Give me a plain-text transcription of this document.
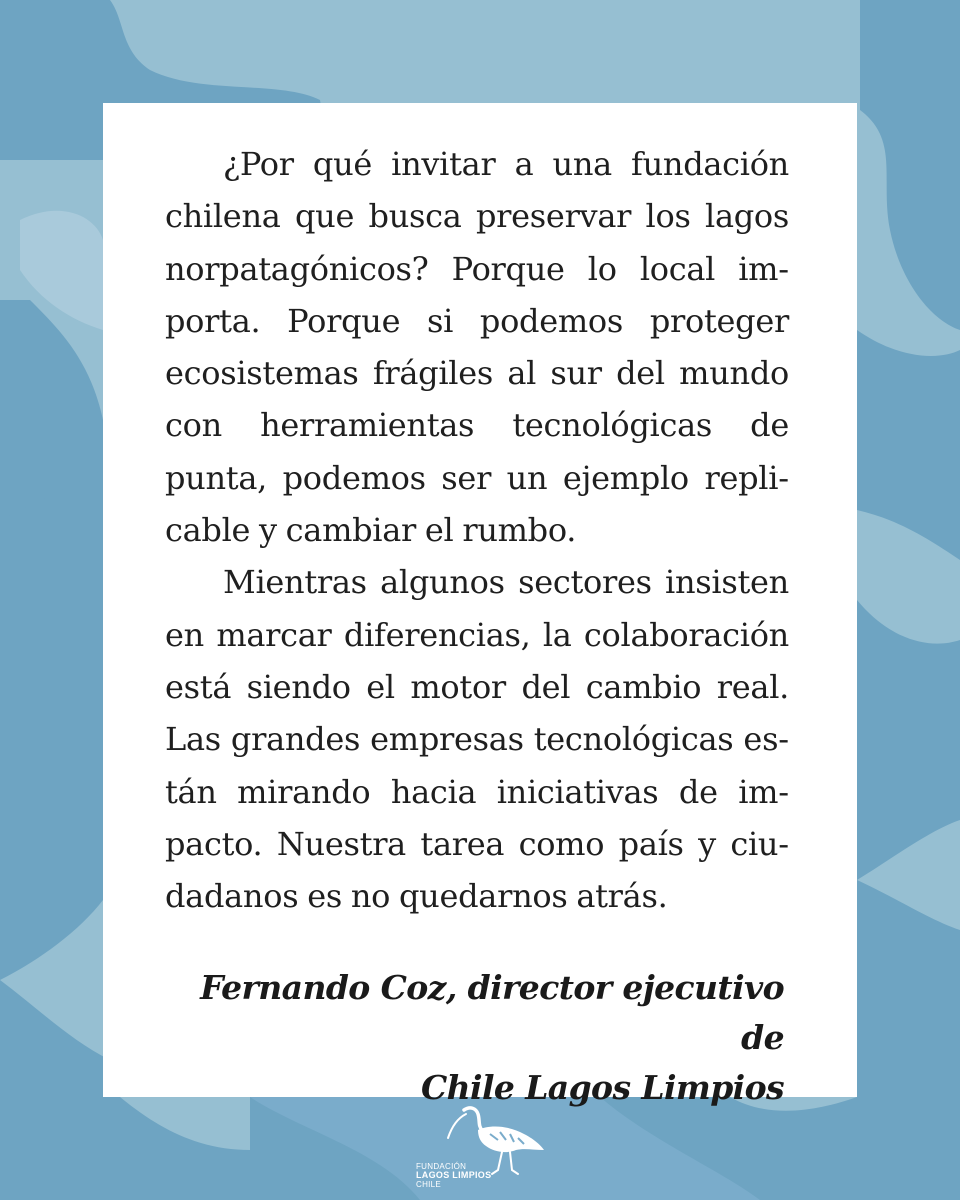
¿Por qué invitar a una fundación chilena que busca preservar los lagos norpatagónicos? Porque lo local importa. Porque si podemos proteger ecosistemas frágiles al sur del mundo con herramientas tecnológicas de punta, podemos ser un ejemplo replicable y cambiar el rumbo.

Mientras algunos sectores insisten en marcar diferencias, la colaboración está siendo el motor del cambio real. Las grandes empresas tecnológicas están mirando hacia iniciativas de impacto. Nuestra tarea como país y ciudadanos es no quedarnos atrás.

Fernando Coz, director ejecutivo de
Chile Lagos Limpios
FUNDACIÓN
LAGOS LIMPIOS
CHILE
